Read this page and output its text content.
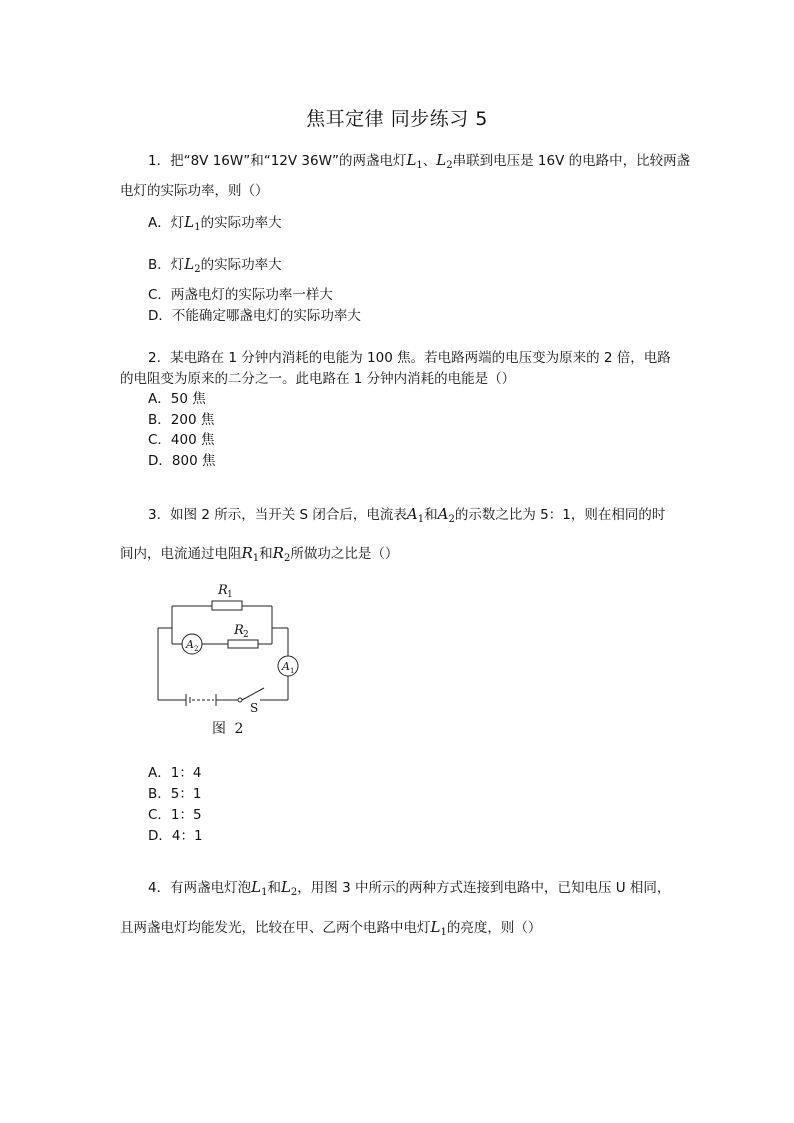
焦耳定律 同步练习 5
1．把“8V 16W”和“12V 36W”的两盏电灯$L_1$、$L_2$串联到电压是 16V 的电路中，比较两盏
电灯的实际功率，则（）
A．灯$L_1$的实际功率大
B．灯$L_2$的实际功率大
C．两盏电灯的实际功率一样大
D．不能确定哪盏电灯的实际功率大
2．某电路在 1 分钟内消耗的电能为 100 焦。若电路两端的电压变为原来的 2 倍，电路
的电阻变为原来的二分之一。此电路在 1 分钟内消耗的电能是（）
A．50 焦
B．200 焦
C．400 焦
D．800 焦
3．如图 2 所示，当开关 S 闭合后，电流表$A_1$和$A_2$的示数之比为 5：1，则在相同的时
间内，电流通过电阻$R_1$和$R_2$所做功之比是（）
R 1
R 2
A 2
A 1
S
图 2
A．1：4
B．5：1
C．1：5
D．4：1
4．有两盏电灯泡$L_1$和$L_2$，用图 3 中所示的两种方式连接到电路中，已知电压 U 相同，
且两盏电灯均能发光，比较在甲、乙两个电路中电灯$L_1$的亮度，则（）
